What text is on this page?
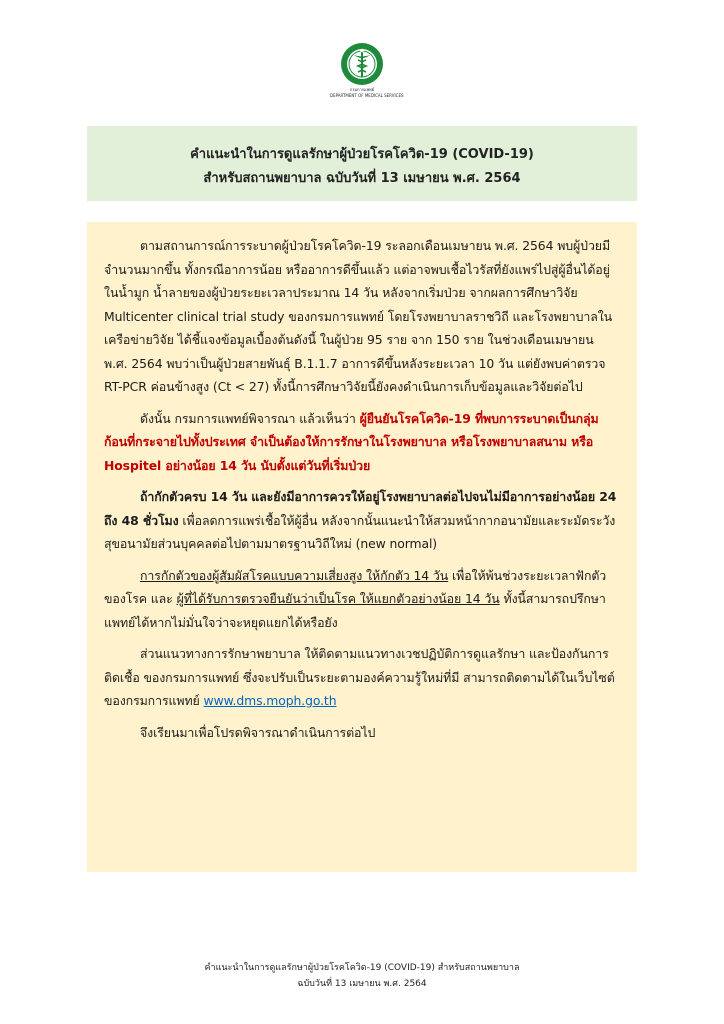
กรมการแพทย์
DEPARTMENT OF MEDICAL SERVICES
คำแนะนำในการดูแลรักษาผู้ป่วยโรคโควิด-19 (COVID-19)
สำหรับสถานพยาบาล ฉบับวันที่ 13 เมษายน พ.ศ. 2564

ตามสถานการณ์การระบาดผู้ป่วยโรคโควิด-19 ระลอกเดือนเมษายน พ.ศ. 2564 พบผู้ป่วยมีจำนวนมากขึ้น ทั้งกรณีอาการน้อย หรืออาการดีขึ้นแล้ว แต่อาจพบเชื้อไวรัสที่ยังแพร่ไปสู่ผู้อื่นได้อยู่ในน้ำมูก น้ำลายของผู้ป่วยระยะเวลาประมาณ 14 วัน หลังจากเริ่มป่วย จากผลการศึกษาวิจัย Multicenter clinical trial study ของกรมการแพทย์ โดยโรงพยาบาลราชวิถี และโรงพยาบาลในเครือข่ายวิจัย ได้ชี้แจงข้อมูลเบื้องต้นดังนี้ ในผู้ป่วย 95 ราย จาก 150 ราย ในช่วงเดือนเมษายน พ.ศ. 2564 พบว่าเป็นผู้ป่วยสายพันธุ์ B.1.1.7 อาการดีขึ้นหลังระยะเวลา 10 วัน แต่ยังพบค่าตรวจ RT-PCR ค่อนข้างสูง (Ct < 27) ทั้งนี้การศึกษาวิจัยนี้ยังคงดำเนินการเก็บข้อมูลและวิจัยต่อไป

ดังนั้น กรมการแพทย์พิจารณา แล้วเห็นว่า ผู้ยืนยันโรคโควิด-19 ที่พบการระบาดเป็นกลุ่มก้อนที่กระจายไปทั้งประเทศ จำเป็นต้องให้การรักษาในโรงพยาบาล หรือโรงพยาบาลสนาม หรือ Hospitel อย่างน้อย 14 วัน นับตั้งแต่วันที่เริ่มป่วย

ถ้ากักตัวครบ 14 วัน และยังมีอาการควรให้อยู่โรงพยาบาลต่อไปจนไม่มีอาการอย่างน้อย 24 ถึง 48 ชั่วโมง เพื่อลดการแพร่เชื้อให้ผู้อื่น หลังจากนั้นแนะนำให้สวมหน้ากากอนามัยและระมัดระวังสุขอนามัยส่วนบุคคลต่อไปตามมาตรฐานวิถีใหม่ (new normal)

การกักตัวของผู้สัมผัสโรคแบบความเสี่ยงสูง ให้กักตัว 14 วัน เพื่อให้พ้นช่วงระยะเวลาฟักตัวของโรค และ ผู้ที่ได้รับการตรวจยืนยันว่าเป็นโรค ให้แยกตัวอย่างน้อย 14 วัน ทั้งนี้สามารถปรึกษาแพทย์ได้หากไม่มั่นใจว่าจะหยุดแยกได้หรือยัง

ส่วนแนวทางการรักษาพยาบาล ให้ติดตามแนวทางเวชปฏิบัติการดูแลรักษา และป้องกันการติดเชื้อ ของกรมการแพทย์ ซึ่งจะปรับเป็นระยะตามองค์ความรู้ใหม่ที่มี สามารถติดตามได้ในเว็บไซต์ของกรมการแพทย์ www.dms.moph.go.th

จึงเรียนมาเพื่อโปรดพิจารณาดำเนินการต่อไป

คำแนะนำในการดูแลรักษาผู้ป่วยโรคโควิด-19 (COVID-19) สำหรับสถานพยาบาล
ฉบับวันที่ 13 เมษายน พ.ศ. 2564
